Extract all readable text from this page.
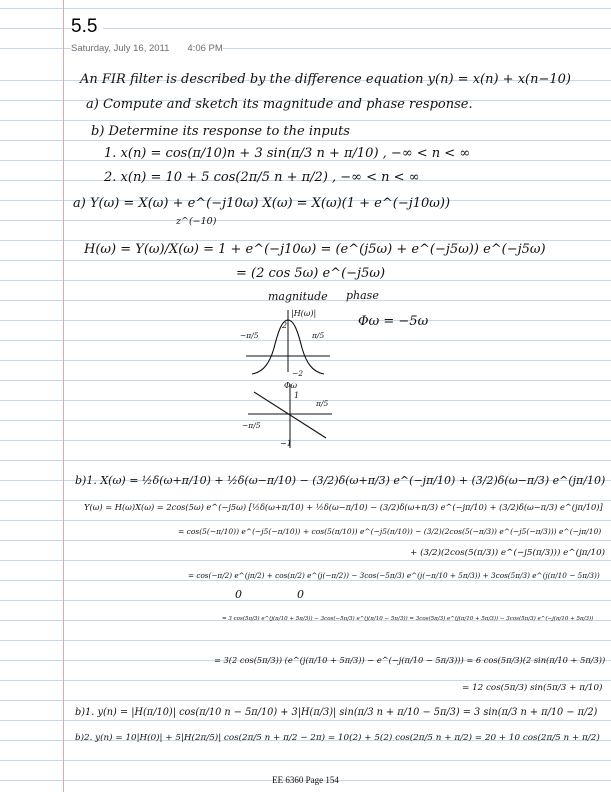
5.5
Saturday, July 16, 2011 4:06 PM
An FIR filter is described by the difference equation y(n) = x(n) + x(n−10)
a) Compute and sketch its magnitude and phase response.
b) Determine its response to the inputs
1. x(n) = cos(π/10)n + 3 sin(π/3 n + π/10) , −∞ < n < ∞
2. x(n) = 10 + 5 cos(2π/5 n + π/2) , −∞ < n < ∞
a) Y(ω) = X(ω) + e^(−j10ω) X(ω) = X(ω)(1 + e^(−j10ω))
z^(−10)
H(ω) = Y(ω)/X(ω) = 1 + e^(−j10ω) = (e^(j5ω) + e^(−j5ω)) e^(−j5ω)
= (2 cos 5ω) e^(−j5ω)
magnitude phase
Φω = −5ω
|H(ω)|
2
−π/5	π/5
−2
Φω
1
−1
−π/5
π/5
b)1. X(ω) = ½δ(ω+π/10) + ½δ(ω−π/10) − (3/2)δ(ω+π/3) e^(−jπ/10) + (3/2)δ(ω−π/3) e^(jπ/10)
Y(ω) = H(ω)X(ω) = 2cos(5ω) e^(−j5ω) [½δ(ω+π/10) + ½δ(ω−π/10) − (3/2)δ(ω+π/3) e^(−jπ/10) + (3/2)δ(ω−π/3) e^(jπ/10)]
= cos(5(−π/10)) e^(−j5(−π/10)) + cos(5(π/10)) e^(−j5(π/10)) − (3/2)(2cos(5(−π/3)) e^(−j5(−π/3))) e^(−jπ/10)
+ (3/2)(2cos(5(π/3)) e^(−j5(π/3))) e^(jπ/10)
= cos(−π/2) e^(jπ/2) + cos(π/2) e^(j(−π/2)) − 3cos(−5π/3) e^(j(−π/10 + 5π/3)) + 3cos(5π/3) e^(j(π/10 − 5π/3))
0	0
= 3 cos(5π/3) e^(j(π/10 + 5π/3)) − 3cos(−5π/3) e^(j(π/10 − 5π/3)) = 3cos(5π/3) e^(j(π/10 + 5π/3)) − 3cos(5π/3) e^(−j(π/10 + 5π/3))
= 3(2 cos(5π/3)) (e^(j(π/10 + 5π/3)) − e^(−j(π/10 − 5π/3))) = 6 cos(5π/3)(2 sin(π/10 + 5π/3))
= 12 cos(5π/3) sin(5π/3 + π/10)
b)1. y(n) = |H(π/10)| cos(π/10 n − 5π/10) + 3|H(π/3)| sin(π/3 n + π/10 − 5π/3) = 3 sin(π/3 n + π/10 − π/2)
b)2. y(n) = 10|H(0)| + 5|H(2π/5)| cos(2π/5 n + π/2 − 2π) = 10(2) + 5(2) cos(2π/5 n + π/2) = 20 + 10 cos(2π/5 n + π/2)
EE 6360 Page 154
